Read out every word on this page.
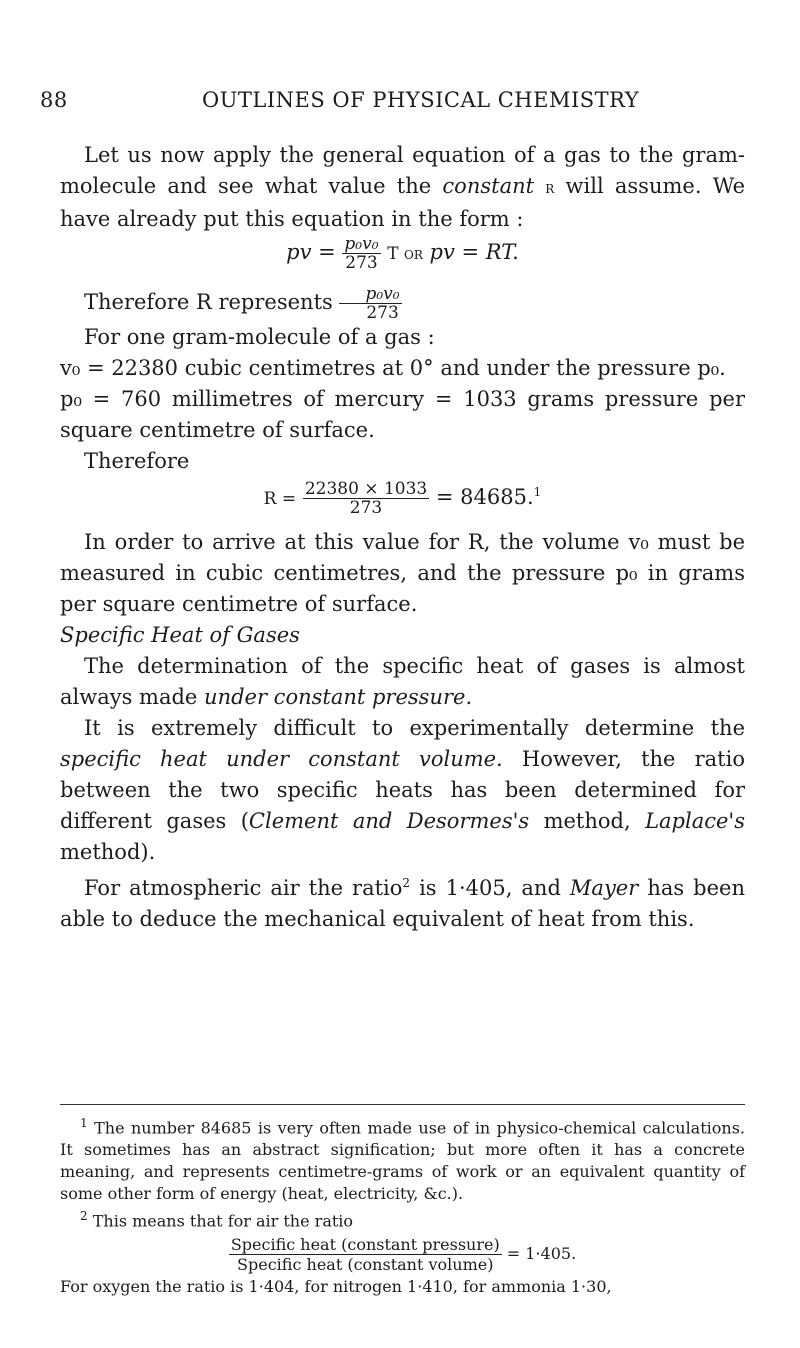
88	OUTLINES OF PHYSICAL CHEMISTRY

Let us now apply the general equation of a gas to the gram-molecule and see what value the constant r will assume. We have already put this equation in the form :

pv = $\frac{\text{p₀v₀}}{273}$ T or pv = RT.

Therefore R represents $\frac{\text{p₀v₀}}{273}$

For one gram-molecule of a gas :

v₀ = 22380 cubic centimetres at 0° and under the pressure p₀.

p₀ = 760 millimetres of mercury = 1033 grams pressure per square centimetre of surface.

Therefore

$R = \frac{22380 \times 1033}{273} = 84685.^1$

In order to arrive at this value for R, the volume v₀ must be measured in cubic centimetres, and the pressure p₀ in grams per square centimetre of surface.

Specific Heat of Gases

The determination of the specific heat of gases is almost always made under constant pressure.

It is extremely difficult to experimentally determine the specific heat under constant volume. However, the ratio between the two specific heats has been determined for different gases (Clement and Desormes's method, Laplace's method).

For atmospheric air the ratio$^2$ is 1·405, and Mayer has been able to deduce the mechanical equivalent of heat from this.

$^1$ The number 84685 is very often made use of in physico-chemical calculations. It sometimes has an abstract signification; but more often it has a concrete meaning, and represents centimetre-grams of work or an equivalent quantity of some other form of energy (heat, electricity, &c.).

$^2$ This means that for air the ratio

$\frac{\text{Specific heat (constant pressure)}}{\text{Specific heat (constant volume)}} = 1\cdot 405$.

For oxygen the ratio is 1·404, for nitrogen 1·410, for ammonia 1·30,
